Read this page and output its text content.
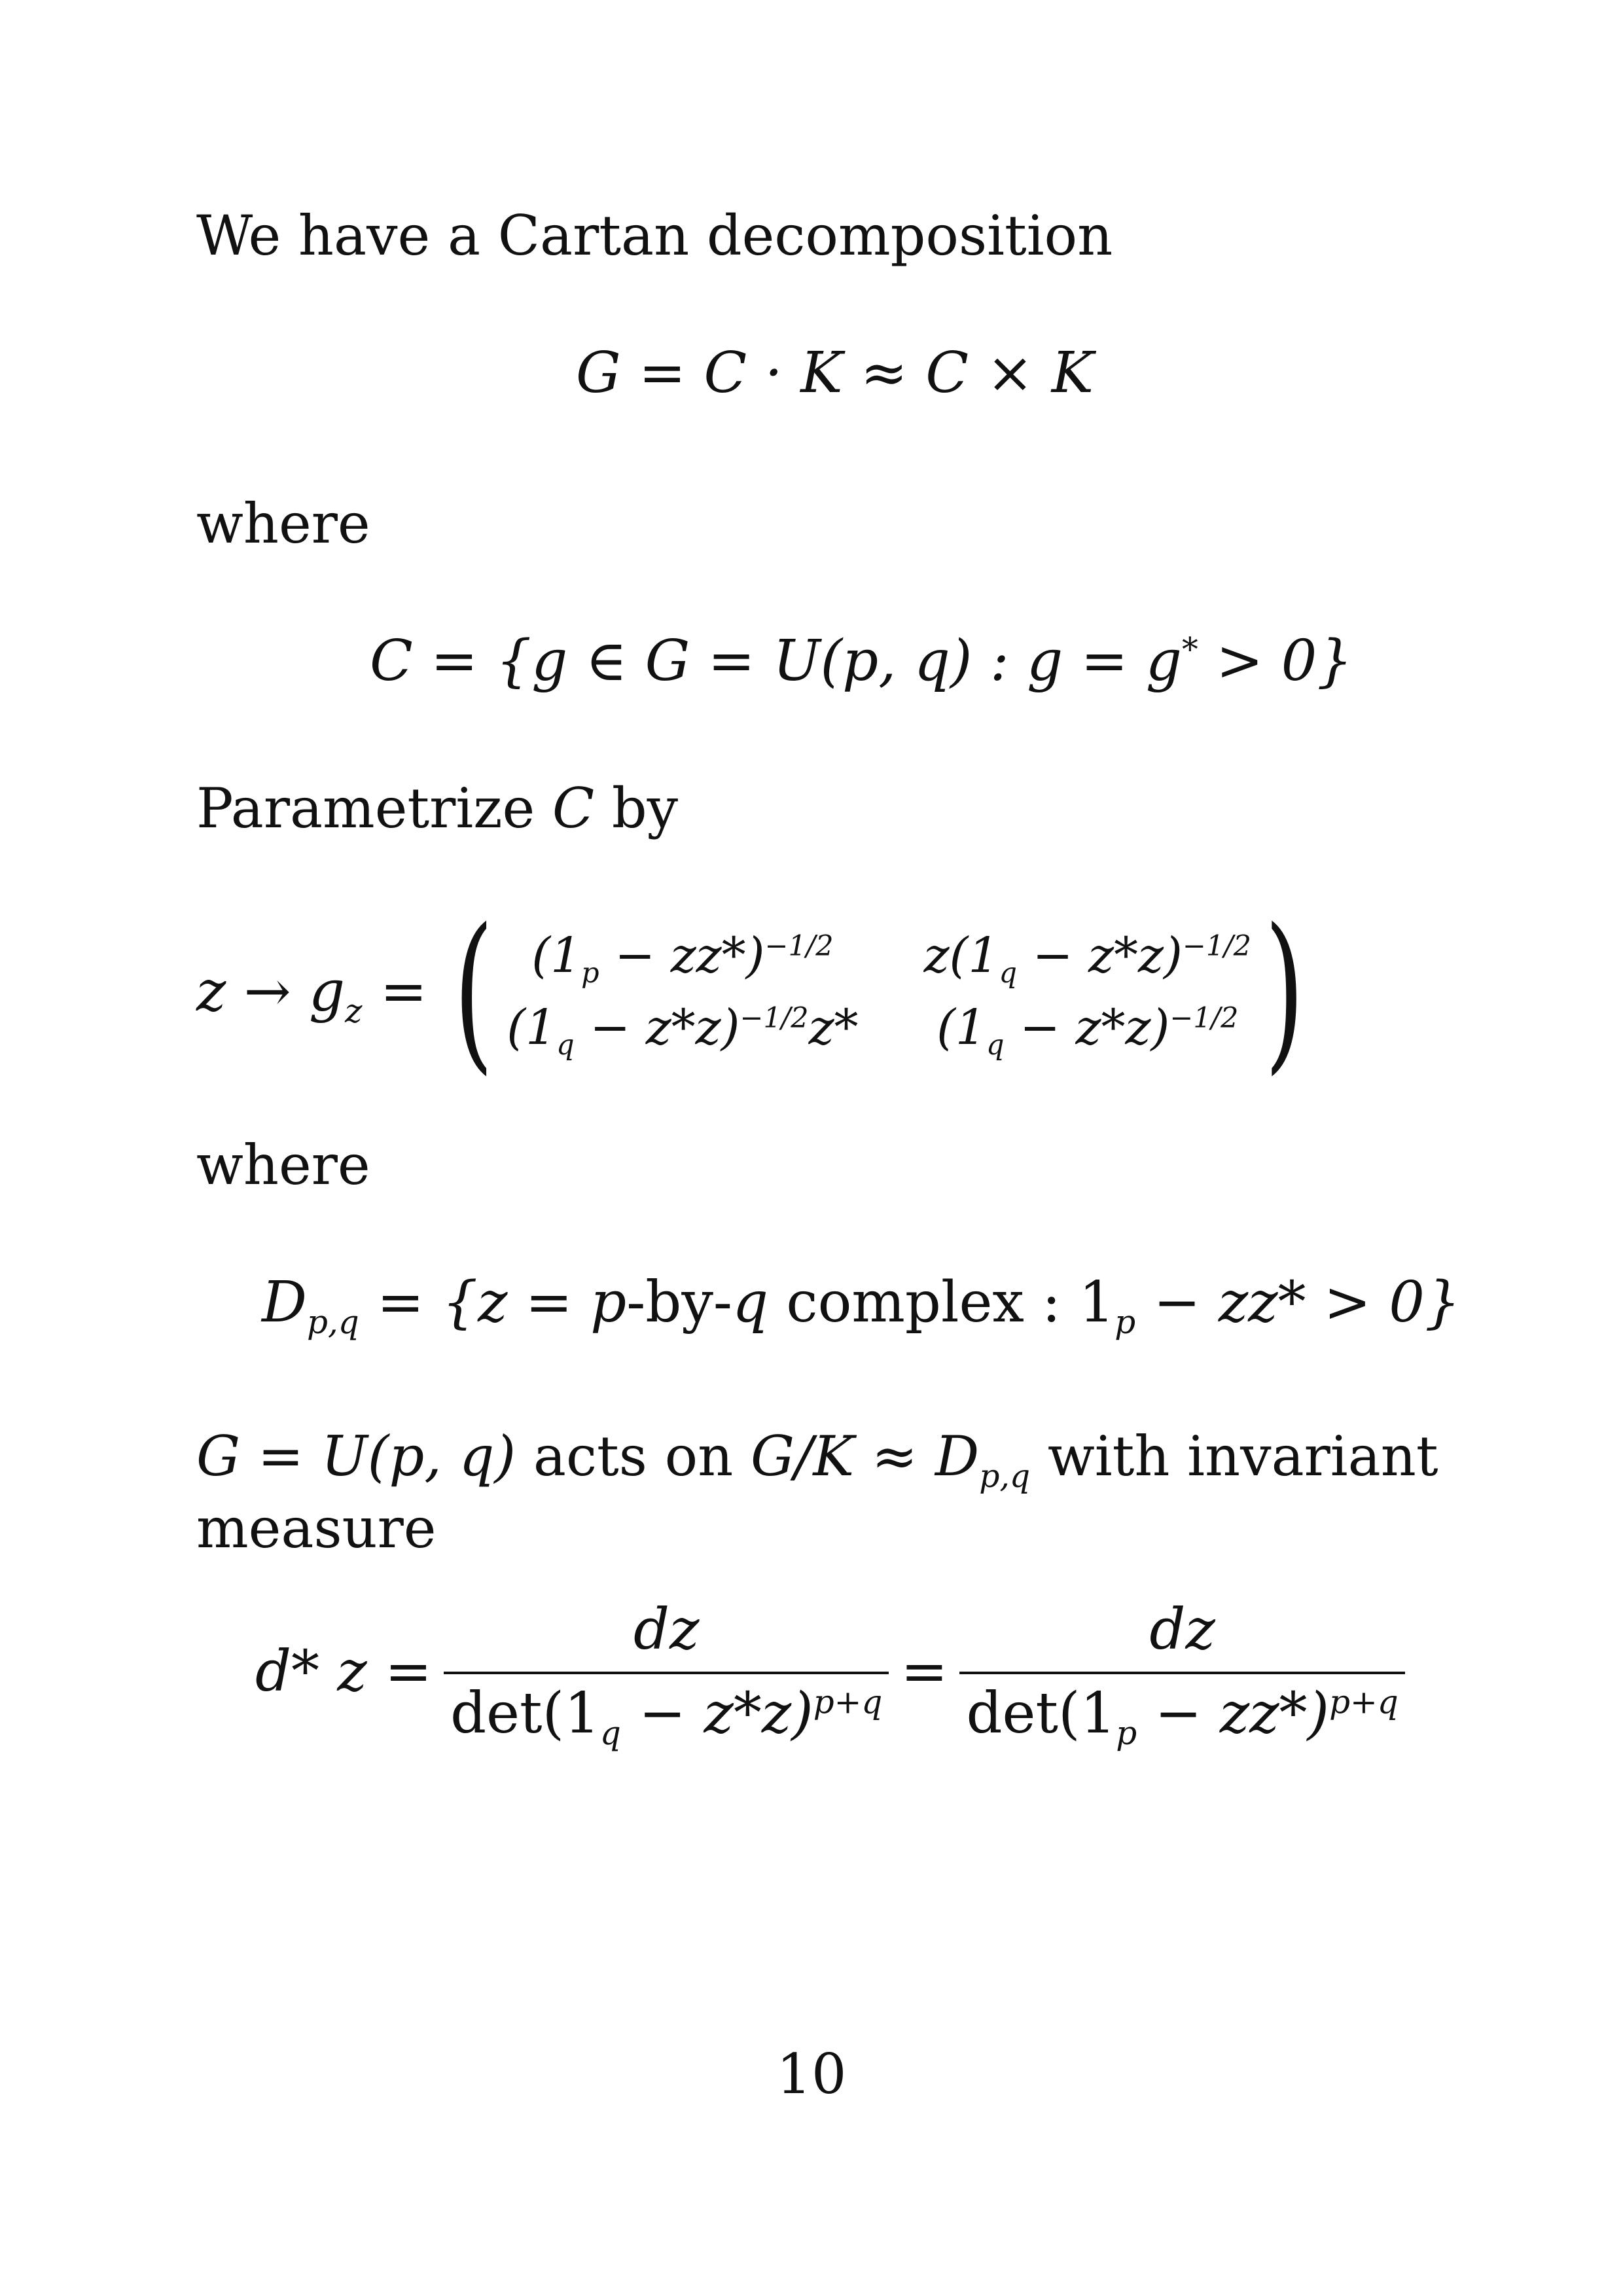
We have a Cartan decomposition
G = C · K ≈ C × K
where
C = {g ∈ G = U(p, q) : g = g* > 0}
Parametrize C by
$z \to g_z$ = ( $(1_p - zz*)^{-1/2}$	$z(1_q - z*z)^{-1/2}$
$(1_q - z*z)^{-1/2}z*$ $(1_q - z*z)^{-1/2}$ )
where
$D_{p,q} = \{z = p-by-q$ complex : $1_p - zz* > 0$}
G = U(p, q) acts on $G/K \approx D_{p,q}$ with invariant
measure
d* $z = \frac{dz}{\det(1_q - z*z)^{p+q}} = \frac{dz}{\det(1_p - zz*)^{p+q}}$
10
